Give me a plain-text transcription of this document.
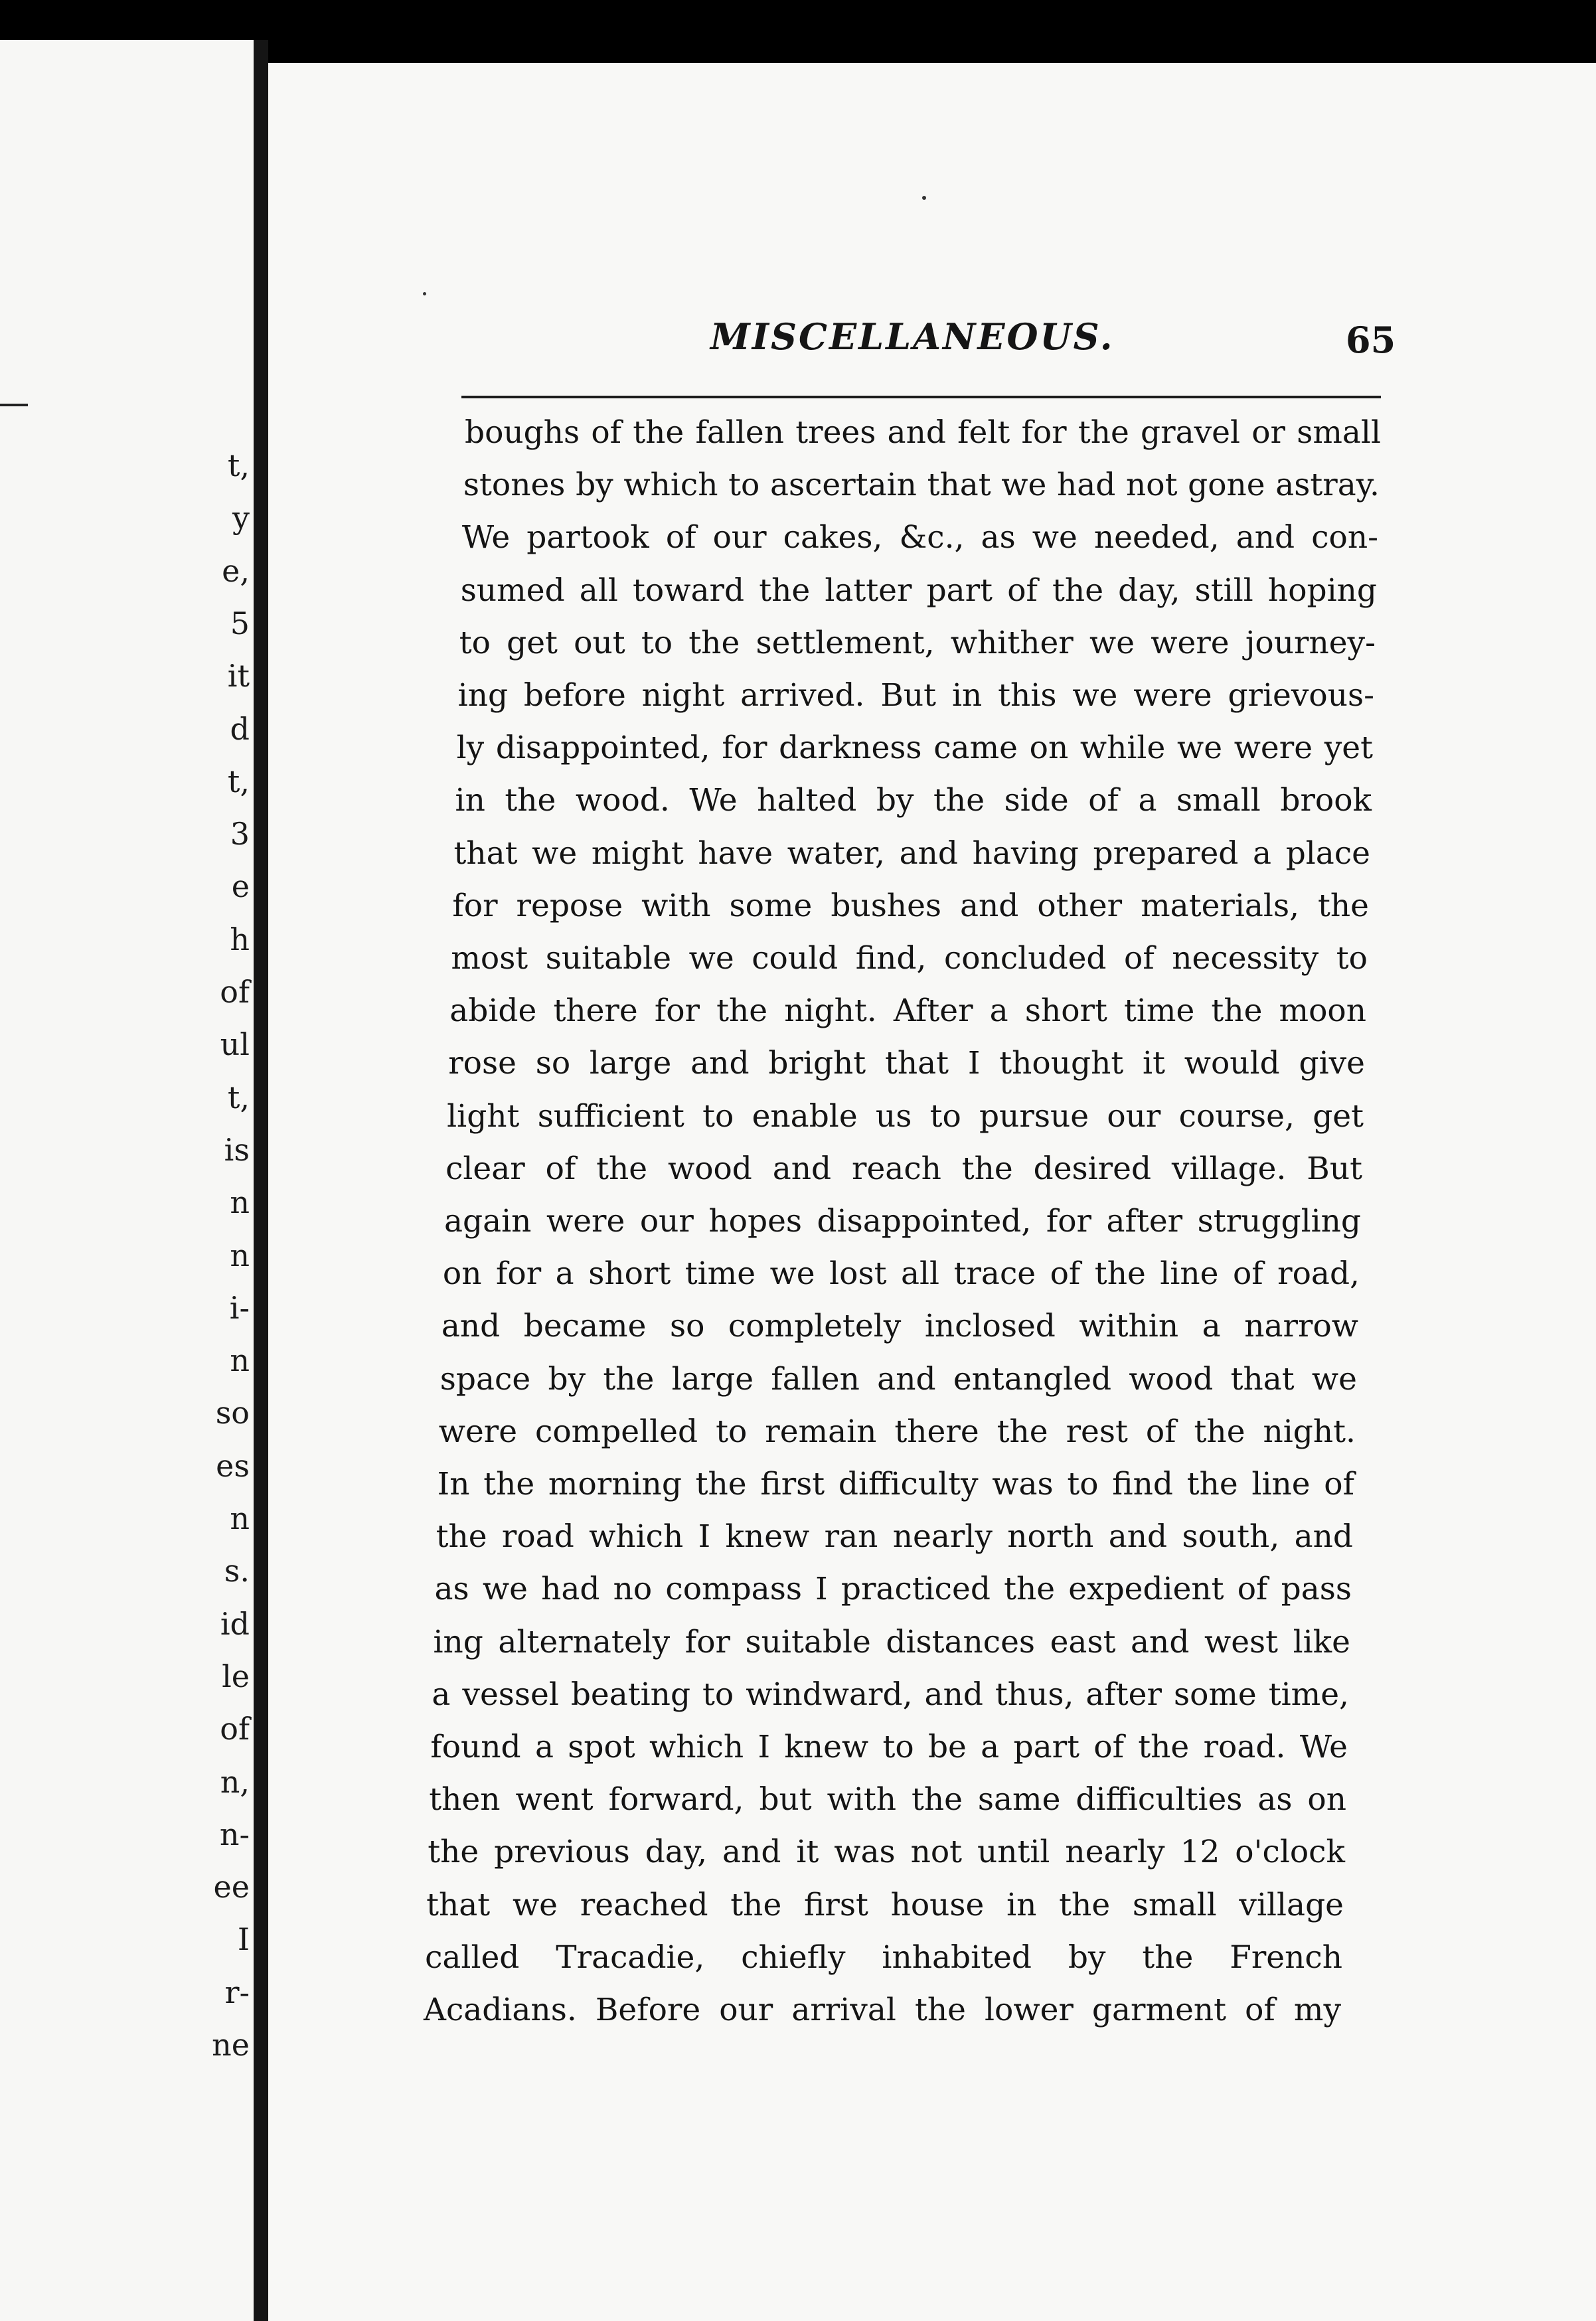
t,
y
e,
5
it
d
t,
3
e
h
of
ul
t,
is
n
n
i-
n
so
es
n
s.
id
le
of
n,
n-
ee
I
r-
ne
MISCELLANEOUS.	65
boughs of the fallen trees and felt for the gravel or small
stones by which to ascertain that we had not gone astray.
We partook of our cakes, &c., as we needed, and con-
sumed all toward the latter part of the day, still hoping
to get out to the settlement, whither we were journey-
ing before night arrived. But in this we were grievous-
ly disappointed, for darkness came on while we were yet
in the wood. We halted by the side of a small brook
that we might have water, and having prepared a place
for repose with some bushes and other materials, the
most suitable we could find, concluded of necessity to
abide there for the night. After a short time the moon
rose so large and bright that I thought it would give
light sufficient to enable us to pursue our course, get
clear of the wood and reach the desired village. But
again were our hopes disappointed, for after struggling
on for a short time we lost all trace of the line of road,
and became so completely inclosed within a narrow
space by the large fallen and entangled wood that we
were compelled to remain there the rest of the night.
In the morning the first difficulty was to find the line of
the road which I knew ran nearly north and south, and
as we had no compass I practiced the expedient of pass
ing alternately for suitable distances east and west like
a vessel beating to windward, and thus, after some time,
found a spot which I knew to be a part of the road. We
then went forward, but with the same difficulties as on
the previous day, and it was not until nearly 12 o'clock
that we reached the first house in the small village
called Tracadie, chiefly inhabited by the French
Acadians. Before our arrival the lower garment of my
